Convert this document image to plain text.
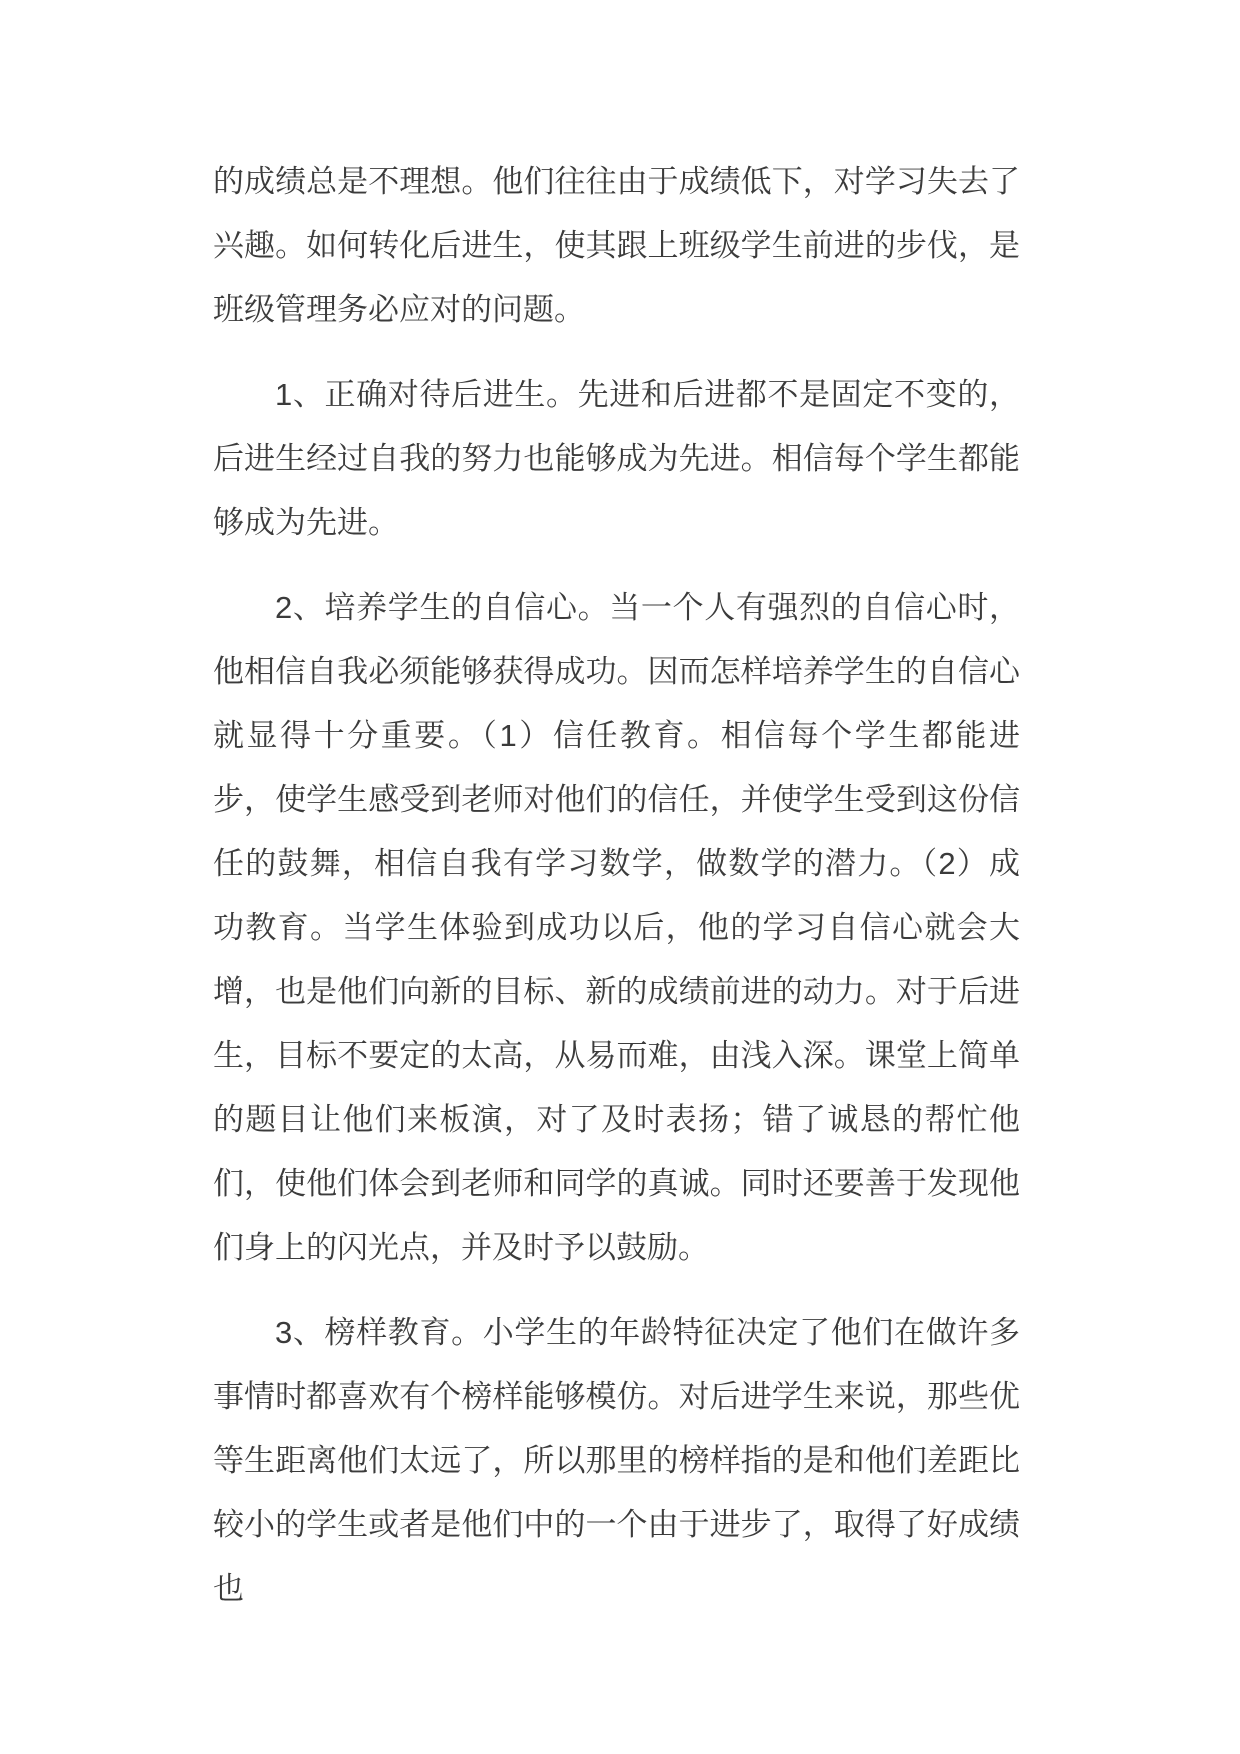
的成绩总是不理想。他们往往由于成绩低下，对学习失去了兴趣。如何转化后进生，使其跟上班级学生前进的步伐，是班级管理务必应对的问题。

1、正确对待后进生。先进和后进都不是固定不变的，后进生经过自我的努力也能够成为先进。相信每个学生都能够成为先进。

2、培养学生的自信心。当一个人有强烈的自信心时，他相信自我必须能够获得成功。因而怎样培养学生的自信心就显得十分重要。（1）信任教育。相信每个学生都能进步，使学生感受到老师对他们的信任，并使学生受到这份信任的鼓舞，相信自我有学习数学，做数学的潜力。（2）成功教育。当学生体验到成功以后，他的学习自信心就会大增，也是他们向新的目标、新的成绩前进的动力。对于后进生，目标不要定的太高，从易而难，由浅入深。课堂上简单的题目让他们来板演，对了及时表扬；错了诚恳的帮忙他们，使他们体会到老师和同学的真诚。同时还要善于发现他们身上的闪光点，并及时予以鼓励。

3、榜样教育。小学生的年龄特征决定了他们在做许多事情时都喜欢有个榜样能够模仿。对后进学生来说，那些优等生距离他们太远了，所以那里的榜样指的是和他们差距比较小的学生或者是他们中的一个由于进步了，取得了好成绩也
